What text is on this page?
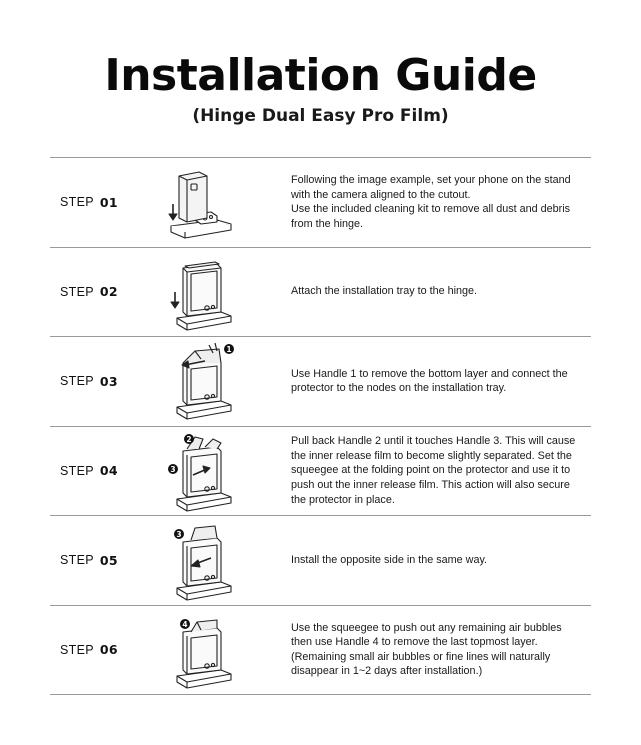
Installation Guide
(Hinge Dual Easy Pro Film)
STEP 01
Following the image example, set your phone on the stand with the camera aligned to the cutout.
Use the included cleaning kit to remove all dust and debris from the hinge.
STEP 02	Attach the installation tray to the hinge.
STEP 03
1
Use Handle 1 to remove the bottom layer and connect the protector to the nodes on the installation tray.
STEP 04
2
3
Pull back Handle 2 until it touches Handle 3. This will cause the inner release film to become slightly separated. Set the squeegee at the folding point on the protector and use it to push out the inner release film. This action will also secure the protector in place.
STEP 05
3
Install the opposite side in the same way.
STEP 06
4	Use the squeegee to push out any remaining air bubbles then use Handle 4 to remove the last topmost layer.
(Remaining small air bubbles or fine lines will naturally disappear in 1~2 days after installation.)
